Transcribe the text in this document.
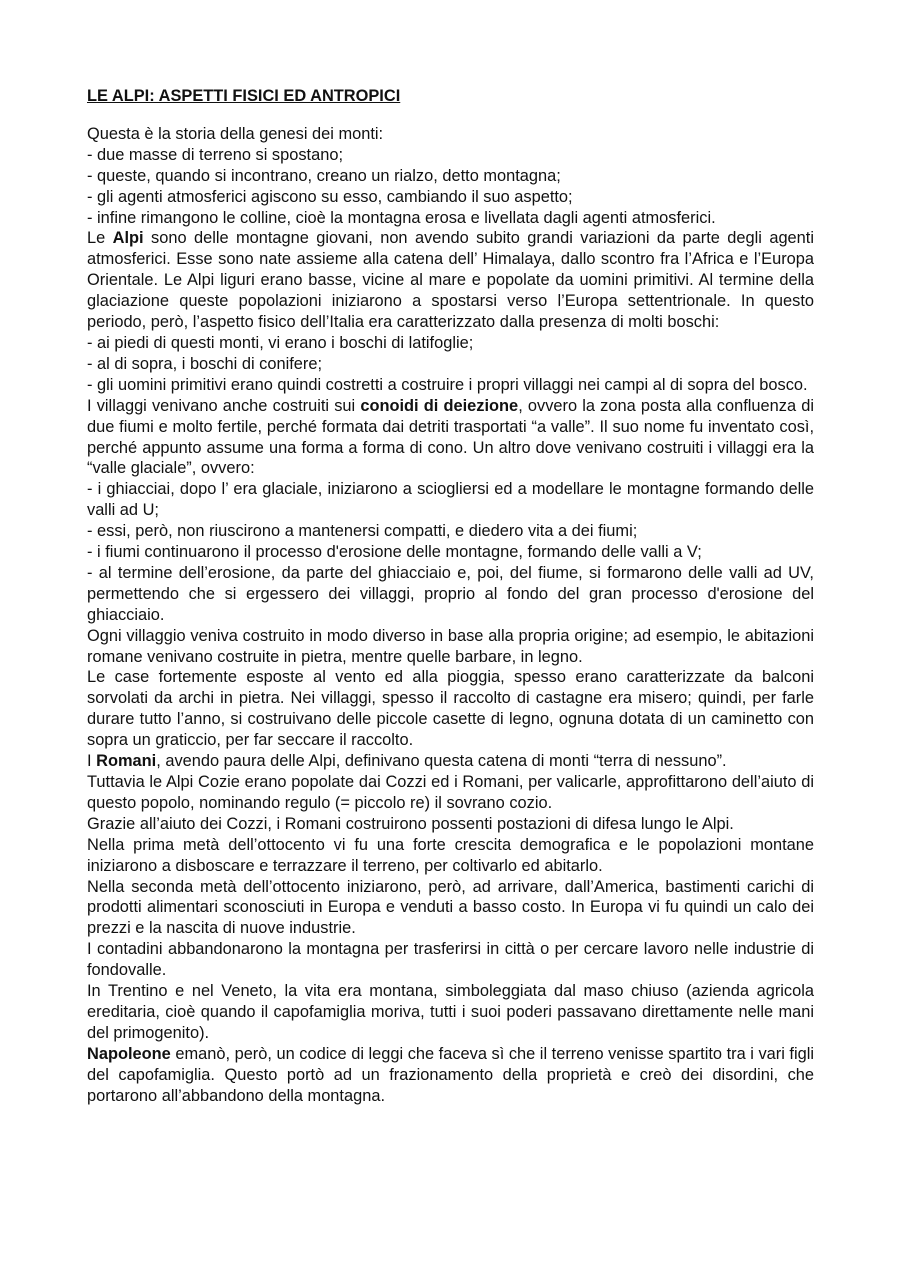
LE ALPI: ASPETTI FISICI ED ANTROPICI

Questa è la storia della genesi dei monti:

- due masse di terreno si spostano;

- queste, quando si incontrano, creano un rialzo, detto montagna;

- gli agenti atmosferici agiscono su esso, cambiando il suo aspetto;

- infine rimangono le colline, cioè la montagna erosa e livellata dagli agenti atmosferici.

Le Alpi sono delle montagne giovani, non avendo subito grandi variazioni da parte degli agenti atmosferici. Esse sono nate assieme alla catena dell’ Himalaya, dallo scontro fra l’Africa e l’Europa Orientale. Le Alpi liguri erano basse, vicine al mare e popolate da uomini primitivi. Al termine della glaciazione queste popolazioni iniziarono a spostarsi verso l’Europa settentrionale. In questo periodo, però, l’aspetto fisico dell’Italia era caratterizzato dalla presenza di molti boschi:

- ai piedi di questi monti, vi erano i boschi di latifoglie;

- al di sopra, i boschi di conifere;

- gli uomini primitivi erano quindi costretti a costruire i propri villaggi nei campi al di sopra del bosco.

I villaggi venivano anche costruiti sui conoidi di deiezione, ovvero la zona posta alla confluenza di due fiumi e molto fertile, perché formata dai detriti trasportati “a valle”. Il suo nome fu inventato così, perché appunto assume una forma a forma di cono. Un altro dove venivano costruiti i villaggi era la “valle glaciale”, ovvero:

- i ghiacciai, dopo l’ era glaciale, iniziarono a sciogliersi ed a modellare le montagne formando delle valli ad U;

- essi, però, non riuscirono a mantenersi compatti, e diedero vita a dei fiumi;

- i fiumi continuarono il processo d'erosione delle montagne, formando delle valli a V;

- al termine dell’erosione, da parte del ghiacciaio e, poi, del fiume, si formarono delle valli ad UV, permettendo che si ergessero dei villaggi, proprio al fondo del gran processo d'erosione del ghiacciaio.

Ogni villaggio veniva costruito in modo diverso in base alla propria origine; ad esempio, le abitazioni romane venivano costruite in pietra, mentre quelle barbare, in legno.

Le case fortemente esposte al vento ed alla pioggia, spesso erano caratterizzate da balconi sorvolati da archi in pietra. Nei villaggi, spesso il raccolto di castagne era misero; quindi, per farle durare tutto l’anno, si costruivano delle piccole casette di legno, ognuna dotata di un caminetto con sopra un graticcio, per far seccare il raccolto.

I Romani, avendo paura delle Alpi, definivano questa catena di monti “terra di nessuno”.

Tuttavia le Alpi Cozie erano popolate dai Cozzi ed i Romani, per valicarle, approfittarono dell’aiuto di questo popolo, nominando regulo (= piccolo re) il sovrano cozio.

Grazie all’aiuto dei Cozzi, i Romani costruirono possenti postazioni di difesa lungo le Alpi.

Nella prima metà dell’ottocento vi fu una forte crescita demografica e le popolazioni montane iniziarono a disboscare e terrazzare il terreno, per coltivarlo ed abitarlo.

Nella seconda metà dell’ottocento iniziarono, però, ad arrivare, dall’America, bastimenti carichi di prodotti alimentari sconosciuti in Europa e venduti a basso costo. In Europa vi fu quindi un calo dei prezzi e la nascita di nuove industrie.

I contadini abbandonarono la montagna per trasferirsi in città o per cercare lavoro nelle industrie di fondovalle.

In Trentino e nel Veneto, la vita era montana, simboleggiata dal maso chiuso (azienda agricola ereditaria, cioè quando il capofamiglia moriva, tutti i suoi poderi passavano direttamente nelle mani del primogenito).

Napoleone emanò, però, un codice di leggi che faceva sì che il terreno venisse spartito tra i vari figli del capofamiglia. Questo portò ad un frazionamento della proprietà e creò dei disordini, che portarono all’abbandono della montagna.
